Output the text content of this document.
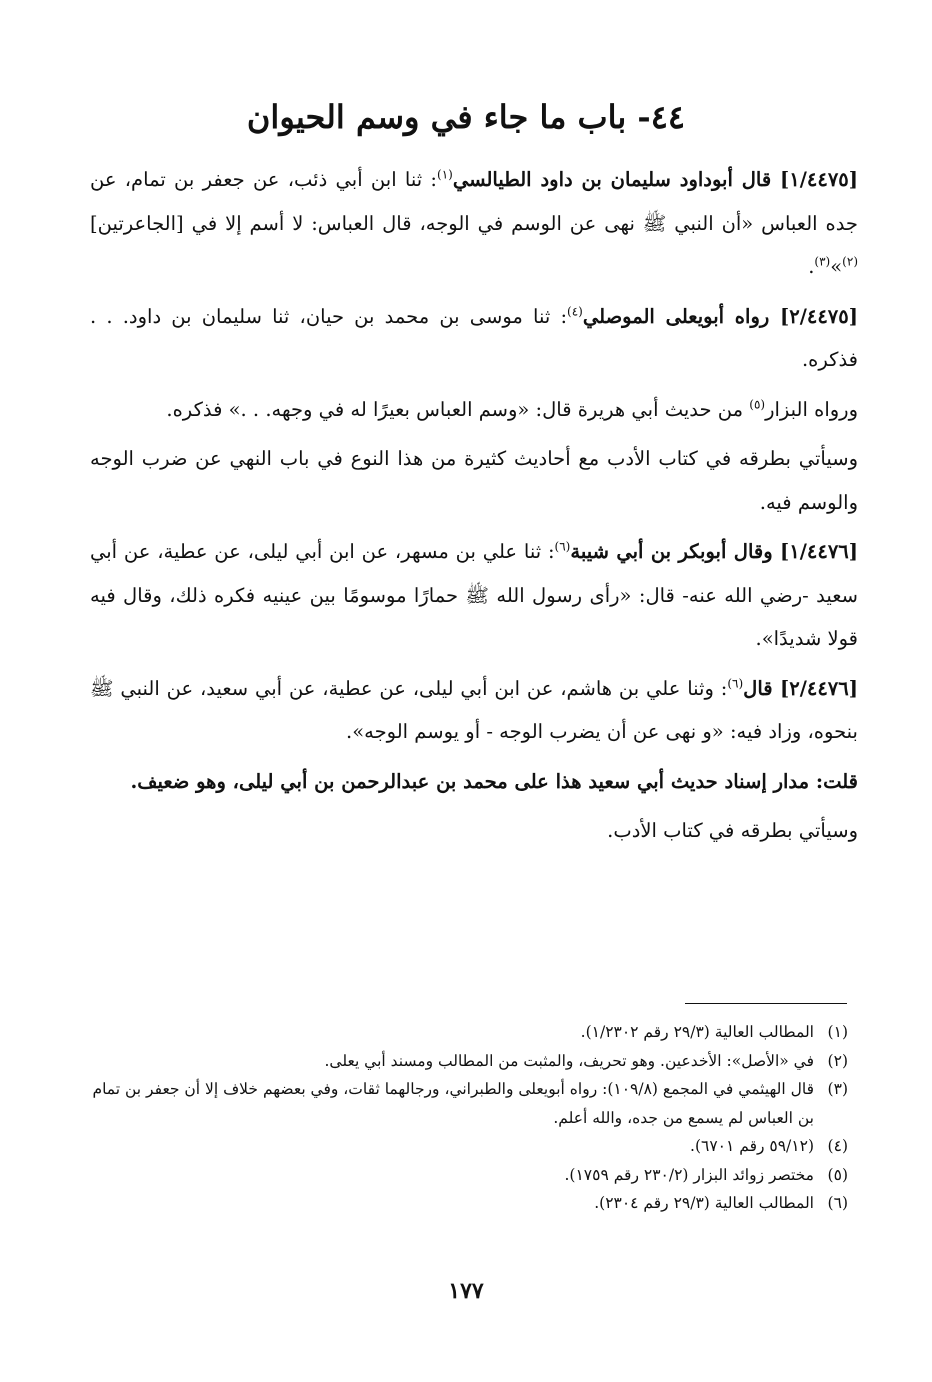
٤٤- باب ما جاء في وسم الحيوان

[١/٤٤٧٥] قال أبوداود سليمان بن داود الطيالسي$^{(١)}$: ثنا ابن أبي ذئب، عن جعفر بن تمام، عن جده العباس «أن النبي ﷺ نهى عن الوسم في الوجه، قال العباس: لا أسم إلا في [الجاعرتين]$^{(٢)}$»$^{(٣)}$.

[٢/٤٤٧٥] رواه أبويعلى الموصلي$^{(٤)}$: ثنا موسى بن محمد بن حيان، ثنا سليمان بن داود. . . فذكره.

ورواه البزار$^{(٥)}$ من حديث أبي هريرة قال: «وسم العباس بعيرًا له في وجهه. . .» فذكره.

وسيأتي بطرقه في كتاب الأدب مع أحاديث كثيرة من هذا النوع في باب النهي عن ضرب الوجه والوسم فيه.

[١/٤٤٧٦] وقال أبوبكر بن أبي شيبة$^{(٦)}$: ثنا علي بن مسهر، عن ابن أبي ليلى، عن عطية، عن أبي سعيد -رضي الله عنه- قال: «رأى رسول الله ﷺ حمارًا موسومًا بين عينيه فكره ذلك، وقال فيه قولا شديدًا».

[٢/٤٤٧٦] قال$^{(٦)}$: وثنا علي بن هاشم، عن ابن أبي ليلى، عن عطية، عن أبي سعيد، عن النبي ﷺ بنحوه، وزاد فيه: «و نهى عن أن يضرب الوجه - أو يوسم الوجه».

قلت: مدار إسناد حديث أبي سعيد هذا على محمد بن عبدالرحمن بن أبي ليلى، وهو ضعيف.

وسيأتي بطرقه في كتاب الأدب.

(١)المطالب العالية (٢٩/٣ رقم ١/٢٣٠٢).

(٢)في «الأصل»: الأخدعين. وهو تحريف، والمثبت من المطالب ومسند أبي يعلى.

(٣)قال الهيثمي في المجمع (١٠٩/٨): رواه أبويعلى والطبراني، ورجالهما ثقات، وفي بعضهم خلاف إلا أن جعفر بن تمام بن العباس لم يسمع من جده، والله أعلم.

(٤)(٥٩/١٢ رقم ٦٧٠١).

(٥)مختصر زوائد البزار (٢٣٠/٢ رقم ١٧٥٩).

(٦)المطالب العالية (٢٩/٣ رقم ٢٣٠٤).

١٧٧
